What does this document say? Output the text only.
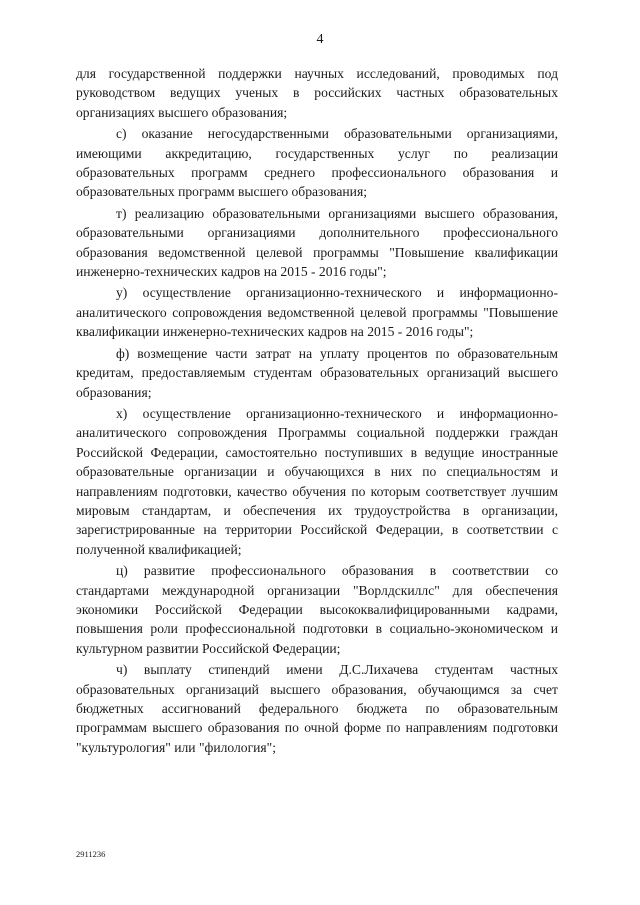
4

для государственной поддержки научных исследований, проводимых под руководством ведущих ученых в российских частных образовательных организациях высшего образования;

с) оказание негосударственными образовательными организациями, имеющими аккредитацию, государственных услуг по реализации образовательных программ среднего профессионального образования и образовательных программ высшего образования;

т) реализацию образовательными организациями высшего образования, образовательными организациями дополнительного профессионального образования ведомственной целевой программы "Повышение квалификации инженерно-технических кадров на 2015 - 2016 годы";

у) осуществление организационно-технического и информационно-аналитического сопровождения ведомственной целевой программы "Повышение квалификации инженерно-технических кадров на 2015 - 2016 годы";

ф) возмещение части затрат на уплату процентов по образовательным кредитам, предоставляемым студентам образовательных организаций высшего образования;

х) осуществление организационно-технического и информационно-аналитического сопровождения Программы социальной поддержки граждан Российской Федерации, самостоятельно поступивших в ведущие иностранные образовательные организации и обучающихся в них по специальностям и направлениям подготовки, качество обучения по которым соответствует лучшим мировым стандартам, и обеспечения их трудоустройства в организации, зарегистрированные на территории Российской Федерации, в соответствии с полученной квалификацией;

ц) развитие профессионального образования в соответствии со стандартами международной организации "Ворлдскиллс" для обеспечения экономики Российской Федерации высококвалифицированными кадрами, повышения роли профессиональной подготовки в социально-экономическом и культурном развитии Российской Федерации;

ч) выплату стипендий имени Д.С.Лихачева студентам частных образовательных организаций высшего образования, обучающимся за счет бюджетных ассигнований федерального бюджета по образовательным программам высшего образования по очной форме по направлениям подготовки "культурология" или "филология";

2911236
